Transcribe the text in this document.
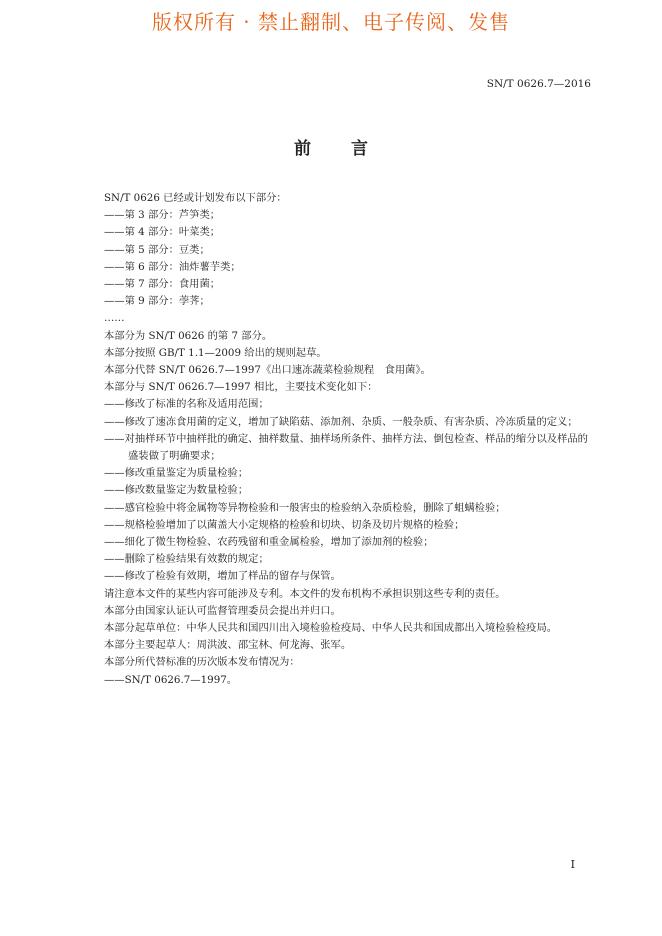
版权所有 · 禁止翻制、电子传阅、发售
SN/T 0626.7—2016
前言

SN/T 0626 已经或计划发布以下部分：

——第 3 部分：芦笋类；

——第 4 部分：叶菜类；

——第 5 部分：豆类；

——第 6 部分：油炸薯芋类；

——第 7 部分：食用菌；

——第 9 部分：荸荠；

……

本部分为 SN/T 0626 的第 7 部分。

本部分按照 GB/T 1.1—2009 给出的规则起草。

本部分代替 SN/T 0626.7—1997《出口速冻蔬菜检验规程　食用菌》。

本部分与 SN/T 0626.7—1997 相比，主要技术变化如下：

——修改了标准的名称及适用范围；

——修改了速冻食用菌的定义，增加了缺陷菇、添加剂、杂质、一般杂质、有害杂质、冷冻质量的定义；

——对抽样环节中抽样批的确定、抽样数量、抽样场所条件、抽样方法、倒包检查、样品的缩分以及样品的盛装做了明确要求；

——修改重量鉴定为质量检验；

——修改数量鉴定为数量检验；

——感官检验中将金属物等异物检验和一般害虫的检验纳入杂质检验，删除了蛆螨检验；

——规格检验增加了以菌盖大小定规格的检验和切块、切条及切片规格的检验；

——细化了微生物检验、农药残留和重金属检验，增加了添加剂的检验；

——删除了检验结果有效数的规定；

——修改了检验有效期，增加了样品的留存与保管。

请注意本文件的某些内容可能涉及专利。本文件的发布机构不承担识别这些专利的责任。

本部分由国家认证认可监督管理委员会提出并归口。

本部分起草单位：中华人民共和国四川出入境检验检疫局、中华人民共和国成都出入境检验检疫局。

本部分主要起草人：周洪波、邵宝林、何龙海、张军。

本部分所代替标准的历次版本发布情况为：

——SN/T 0626.7—1997。

I
